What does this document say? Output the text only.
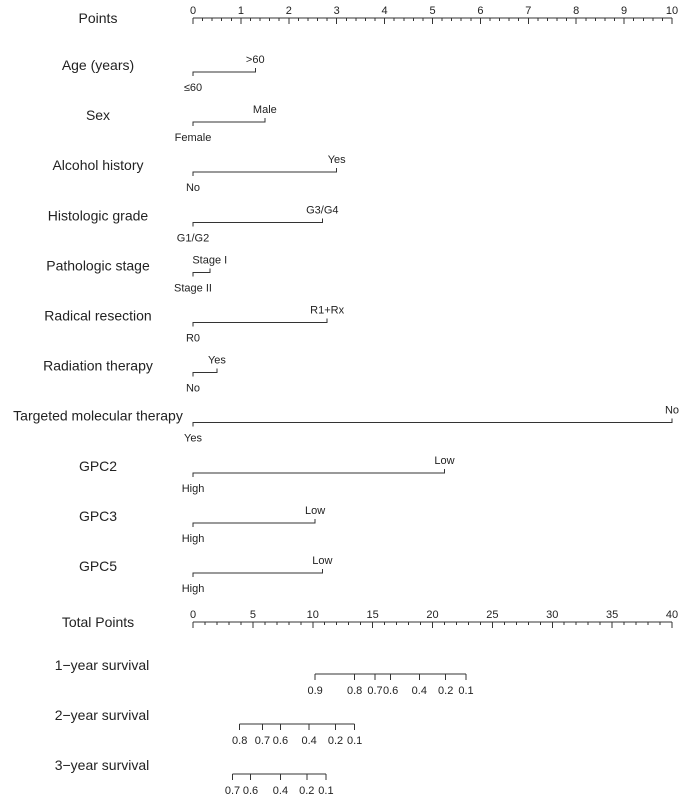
Points	0	1	2	3	4	5	6	7	8	9	10
Age (years)
≤60
>60
Sex
Female
Male
Alcohol history
No
Yes
Histologic grade
G1/G2
G3/G4
Pathologic stage
Stage II
Stage I
Radical resection
R0
R1+Rx
Radiation therapy
No
Yes
Targeted molecular therapy
Yes
No
GPC2
High
Low
GPC3
High
Low
GPC5
High
Low
Total Points	0	5	10	15	20	25	30	35	40
1−year survival
0.9 0.8 0.7 0.6 0.4 0.2 0.1
2−year survival
0.8 0.7 0.6 0.4 0.2 0.1
3−year survival
0.7 0.6 0.4 0.2 0.1
